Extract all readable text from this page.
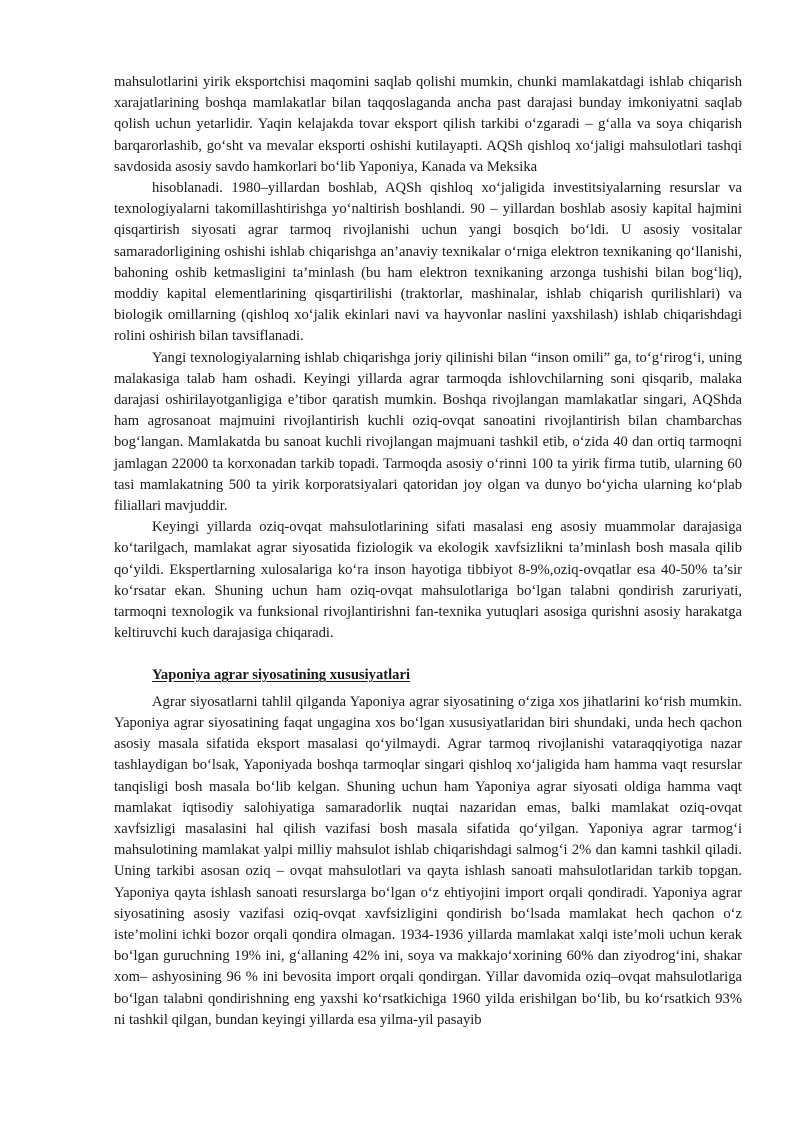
mahsulotlarini yirik eksportchisi maqomini saqlab qolishi mumkin, chunki mamlakatdagi ishlab chiqarish xarajatlarining boshqa mamlakatlar bilan taqqoslaganda ancha past darajasi bunday imkoniyatni saqlab qolish uchun yetarlidir. Yaqin kelajakda tovar eksport qilish tarkibi o‘zgaradi – g‘alla va soya chiqarish barqarorlashib, go‘sht va mevalar eksporti oshishi kutilayapti. AQSh qishloq xo‘jaligi mahsulotlari tashqi savdosida asosiy savdo hamkorlari bo‘lib Yaponiya, Kanada va Meksika

hisoblanadi. 1980–yillardan boshlab, AQSh qishloq xo‘jaligida investitsiyalarning resurslar va texnologiyalarni takomillashtirishga yo‘naltirish boshlandi. 90 – yillardan boshlab asosiy kapital hajmini qisqartirish siyosati agrar tarmoq rivojlanishi uchun yangi bosqich bo‘ldi. U asosiy vositalar samaradorligining oshishi ishlab chiqarishga an’anaviy texnikalar o‘rniga elektron texnikaning qo‘llanishi, bahoning oshib ketmasligini ta’minlash (bu ham elektron texnikaning arzonga tushishi bilan bog‘liq), moddiy kapital elementlarining qisqartirilishi (traktorlar, mashinalar, ishlab chiqarish qurilishlari) va biologik omillarning (qishloq xo‘jalik ekinlari navi va hayvonlar naslini yaxshilash) ishlab chiqarishdagi rolini oshirish bilan tavsiflanadi.

Yangi texnologiyalarning ishlab chiqarishga joriy qilinishi bilan “inson omili” ga, to‘g‘rirog‘i, uning malakasiga talab ham oshadi. Keyingi yillarda agrar tarmoqda ishlovchilarning soni qisqarib, malaka darajasi oshirilayotganligiga e’tibor qaratish mumkin. Boshqa rivojlangan mamlakatlar singari, AQShda ham agrosanoat majmuini rivojlantirish kuchli oziq-ovqat sanoatini rivojlantirish bilan chambarchas bog‘langan. Mamlakatda bu sanoat kuchli rivojlangan majmuani tashkil etib, o‘zida 40 dan ortiq tarmoqni jamlagan 22000 ta korxonadan tarkib topadi. Tarmoqda asosiy o‘rinni 100 ta yirik firma tutib, ularning 60 tasi mamlakatning 500 ta yirik korporatsiyalari qatoridan joy olgan va dunyo bo‘yicha ularning ko‘plab filiallari mavjuddir.

Keyingi yillarda oziq-ovqat mahsulotlarining sifati masalasi eng asosiy muammolar darajasiga ko‘tarilgach, mamlakat agrar siyosatida fiziologik va ekologik xavfsizlikni ta’minlash bosh masala qilib qo‘yildi. Ekspertlarning xulosalariga ko‘ra inson hayotiga tibbiyot 8-9%,oziq-ovqatlar esa 40-50% ta’sir ko‘rsatar ekan. Shuning uchun ham oziq-ovqat mahsulotlariga bo‘lgan talabni qondirish zaruriyati, tarmoqni texnologik va funksional rivojlantirishni fan-texnika yutuqlari asosiga qurishni asosiy harakatga keltiruvchi kuch darajasiga chiqaradi.

Yaponiya agrar siyosatining xususiyatlari

Agrar siyosatlarni tahlil qilganda Yaponiya agrar siyosatining o‘ziga xos jihatlarini ko‘rish mumkin. Yaponiya agrar siyosatining faqat ungagina xos bo‘lgan xususiyatlaridan biri shundaki, unda hech qachon asosiy masala sifatida eksport masalasi qo‘yilmaydi. Agrar tarmoq rivojlanishi vataraqqiyotiga nazar tashlaydigan bo‘lsak, Yaponiyada boshqa tarmoqlar singari qishloq xo‘jaligida ham hamma vaqt resurslar tanqisligi bosh masala bo‘lib kelgan. Shuning uchun ham Yaponiya agrar siyosati oldiga hamma vaqt mamlakat iqtisodiy salohiyatiga samaradorlik nuqtai nazaridan emas, balki mamlakat oziq-ovqat xavfsizligi masalasini hal qilish vazifasi bosh masala sifatida qo‘yilgan. Yaponiya agrar tarmog‘i mahsulotining mamlakat yalpi milliy mahsulot ishlab chiqarishdagi salmog‘i 2% dan kamni tashkil qiladi. Uning tarkibi asosan oziq – ovqat mahsulotlari va qayta ishlash sanoati mahsulotlaridan tarkib topgan. Yaponiya qayta ishlash sanoati resurslarga bo‘lgan o‘z ehtiyojini import orqali qondiradi. Yaponiya agrar siyosatining asosiy vazifasi oziq-ovqat xavfsizligini qondirish bo‘lsada mamlakat hech qachon o‘z iste’molini ichki bozor orqali qondira olmagan. 1934-1936 yillarda mamlakat xalqi iste’moli uchun kerak bo‘lgan guruchning 19% ini, g‘allaning 42% ini, soya va makkajo‘xorining 60% dan ziyodrog‘ini, shakar xom– ashyosining 96 % ini bevosita import orqali qondirgan. Yillar davomida oziq–ovqat mahsulotlariga bo‘lgan talabni qondirishning eng yaxshi ko‘rsatkichiga 1960 yilda erishilgan bo‘lib, bu ko‘rsatkich 93% ni tashkil qilgan, bundan keyingi yillarda esa yilma-yil pasayib
